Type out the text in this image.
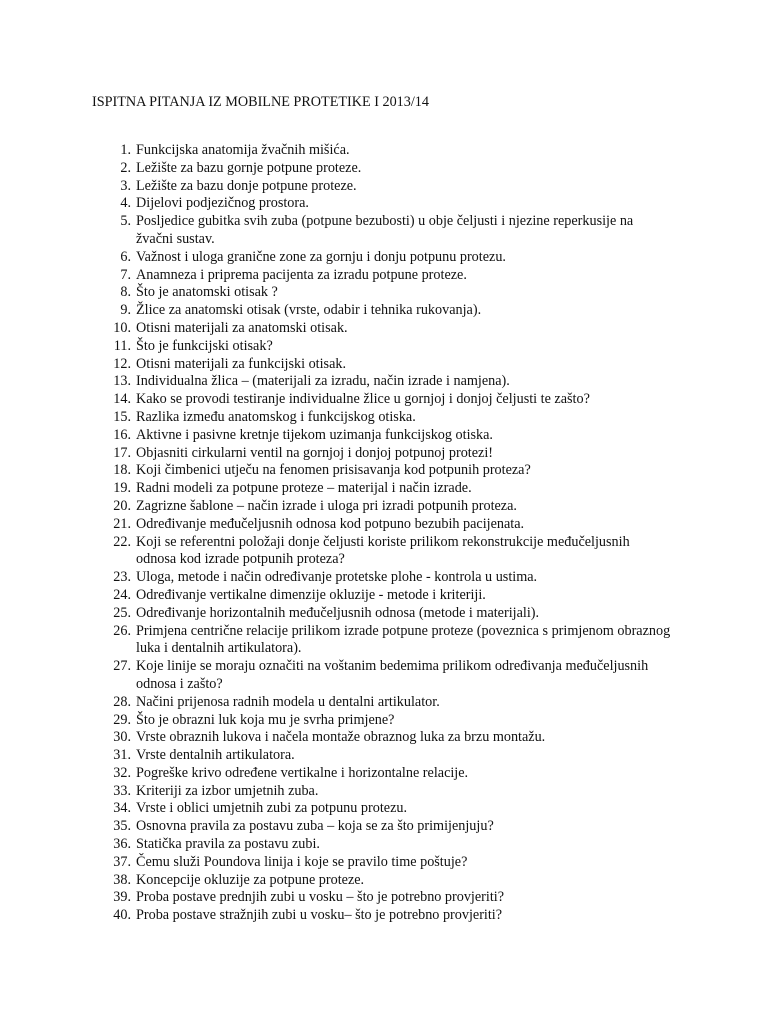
ISPITNA PITANJA IZ MOBILNE PROTETIKE I 2013/14
1. Funkcijska anatomija žvačnih mišića.
2. Ležište za bazu gornje potpune proteze.
3. Ležište za bazu donje potpune proteze.
4. Dijelovi podjezičnog prostora.
5. Posljedice gubitka svih zuba (potpune bezubosti) u obje čeljusti i njezine reperkusije na žvačni sustav.
6. Važnost i uloga granične zone za gornju i donju potpunu protezu.
7. Anamneza i priprema pacijenta za izradu potpune proteze.
8. Što je anatomski otisak ?
9. Žlice za anatomski otisak (vrste, odabir i tehnika rukovanja).
10. Otisni materijali za anatomski otisak.
11. Što je funkcijski otisak?
12. Otisni materijali za funkcijski otisak.
13. Individualna žlica – (materijali za izradu, način izrade i namjena).
14. Kako se provodi testiranje individualne žlice u gornjoj i donjoj čeljusti te zašto?
15. Razlika između anatomskog i funkcijskog otiska.
16. Aktivne i pasivne kretnje tijekom uzimanja funkcijskog otiska.
17. Objasniti cirkularni ventil na gornjoj i donjoj potpunoj protezi!
18. Koji čimbenici utječu na fenomen prisisavanja kod potpunih proteza?
19. Radni modeli za potpune proteze – materijal i način izrade.
20. Zagrizne šablone – način izrade i uloga pri izradi potpunih proteza.
21. Određivanje međučeljusnih odnosa kod potpuno bezubih pacijenata.
22. Koji se referentni položaji donje čeljusti koriste prilikom rekonstrukcije međučeljusnih odnosa kod izrade potpunih proteza?
23. Uloga, metode i način određivanje protetske plohe - kontrola u ustima.
24. Određivanje vertikalne dimenzije okluzije - metode i kriteriji.
25. Određivanje horizontalnih međučeljusnih odnosa (metode i materijali).
26. Primjena centrične relacije prilikom izrade potpune proteze (poveznica s primjenom obraznog luka i dentalnih artikulatora).
27. Koje linije se moraju označiti na voštanim bedemima prilikom određivanja međučeljusnih odnosa i zašto?
28. Načini prijenosa radnih modela u dentalni artikulator.
29. Što je obrazni luk koja mu je svrha primjene?
30. Vrste obraznih lukova i načela montaže obraznog luka za brzu montažu.
31. Vrste dentalnih artikulatora.
32. Pogreške krivo određene vertikalne i horizontalne relacije.
33. Kriteriji za izbor umjetnih zuba.
34. Vrste i oblici umjetnih zubi za potpunu protezu.
35. Osnovna pravila za postavu zuba – koja se za što primijenjuju?
36. Statička pravila za postavu zubi.
37. Čemu služi Poundova linija i koje se pravilo time poštuje?
38. Koncepcije okluzije za potpune proteze.
39. Proba postave prednjih zubi u vosku – što je potrebno provjeriti?
40. Proba postave stražnjih zubi u vosku– što je potrebno provjeriti?
